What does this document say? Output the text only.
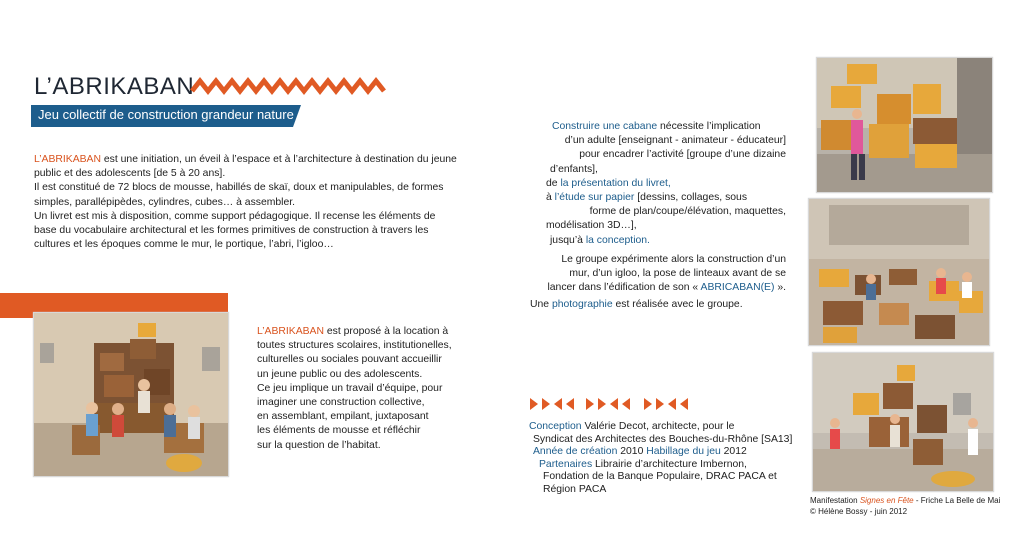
L’ABRIKABAN
Jeu collectif de construction grandeur nature

L’ABRIKABAN est une initiation, un éveil à l’espace et à l’architecture à destination du jeune

public et des adolescents [de 5 à 20 ans].

Il est constitué de 72 blocs de mousse, habillés de skaï, doux et manipulables, de formes

simples, parallépipèdes, cylindres, cubes… à assembler.

Un livret est mis à disposition, comme support pédagogique. Il recense les éléments de

base du vocabulaire architectural et les formes primitives de construction à travers les

cultures et les époques comme le mur, le portique, l’abri, l’igloo…

L’ABRIKABAN est proposé à la location à

toutes structures scolaires, institutionelles,

culturelles ou sociales pouvant accueillir

un jeune public ou des adolescents.

Ce jeu implique un travail d’équipe, pour

imaginer une construction collective,

en assemblant, empilant, juxtaposant

les éléments de mousse et réfléchir

sur la question de l’habitat.

Construire une cabane nécessite l’implication

d’un adulte [enseignant - animateur - éducateur]

pour encadrer l’activité [groupe d’une dizaine

d’enfants],

de la présentation du livret,

à l’étude sur papier [dessins, collages, sous

forme de plan/coupe/élévation, maquettes,

modélisation 3D…],

jusqu’à la conception.

Le groupe expérimente alors la construction d’un

mur, d’un igloo, la pose de linteaux avant de se

lancer dans l’édification de son « ABRICABAN(E) ».

Une photographie est réalisée avec le groupe.

Conception Valérie Decot, architecte, pour le
Syndicat des Architectes des Bouches-du-Rhône [SA13]
Année de création 2010 Habillage du jeu 2012
Partenaires Librairie d’architecture Imbernon,
Fondation de la Banque Populaire, DRAC PACA et
Région PACA
Manifestation Signes en Fête - Friche La Belle de Mai
© Hélène Bossy - juin 2012
